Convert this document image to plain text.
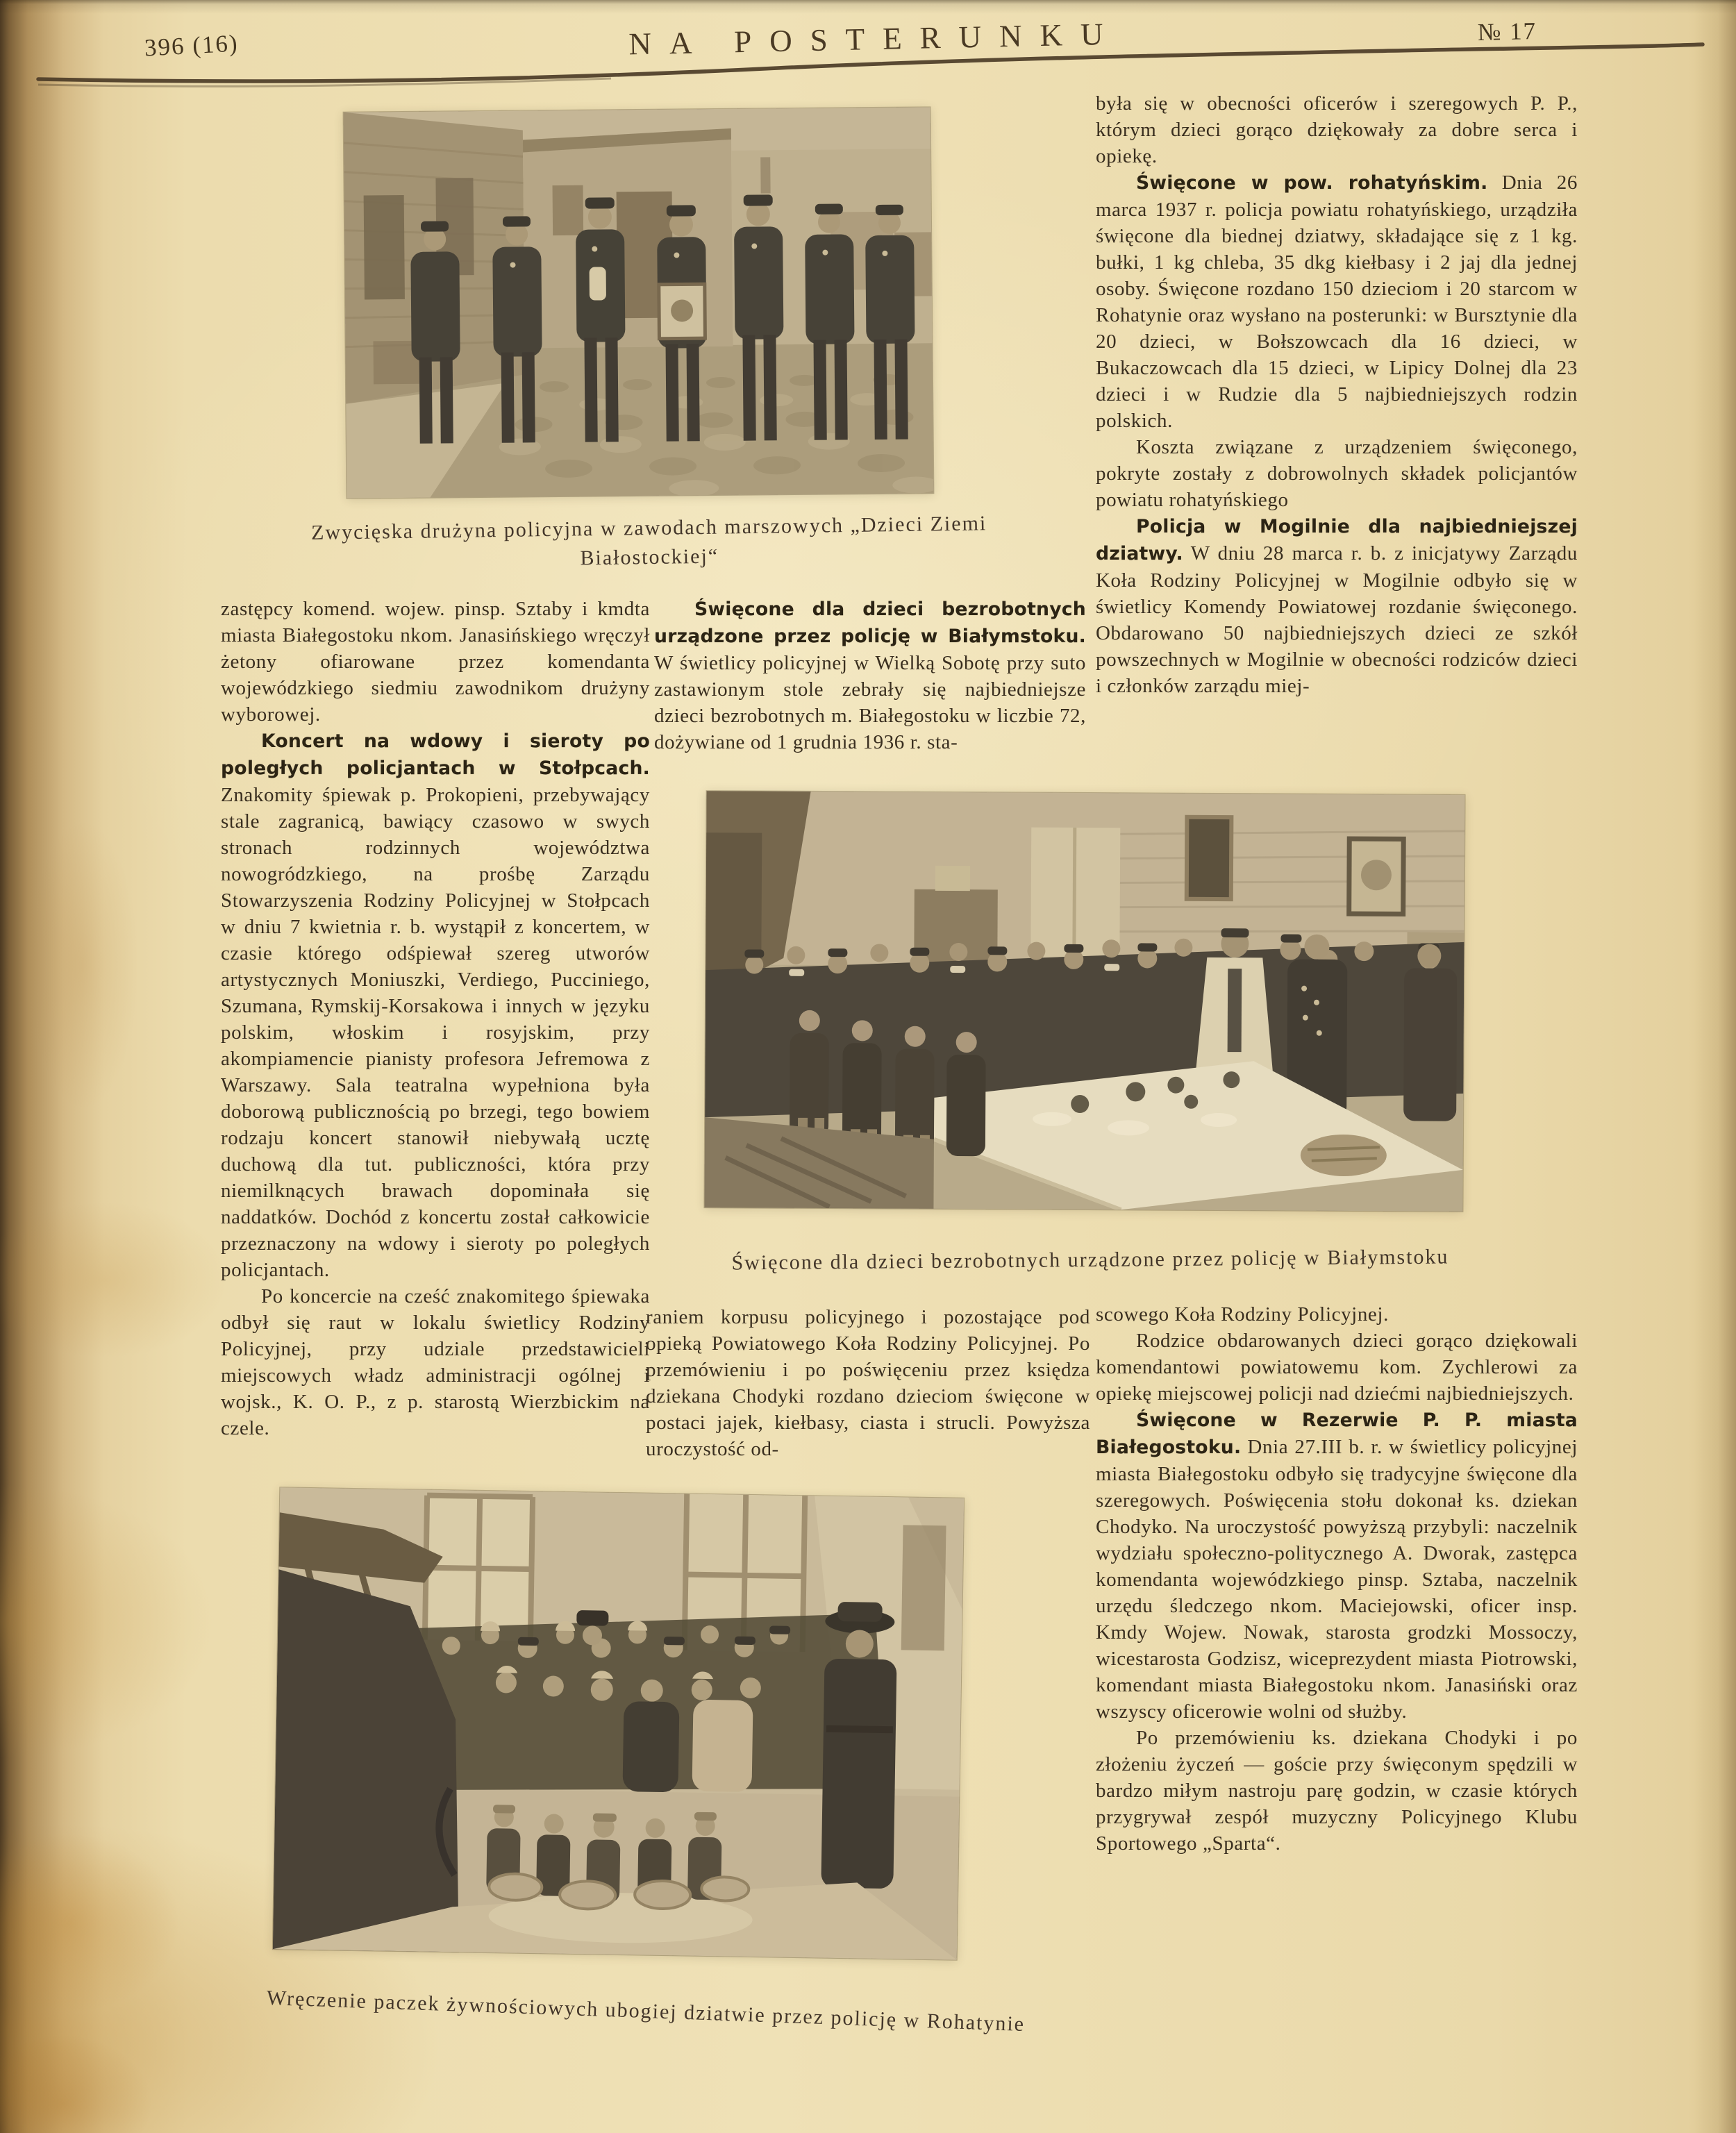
396 (16)	NA POSTERUNKU	№ 17
Zwycięska drużyna policyjna w zawodach marszowych „Dzieci Ziemi
Białostockiej“

była się w obecności oficerów i szeregowych P. P., którym dzieci gorąco dziękowały za dobre serca i opiekę.

Święcone w pow. rohatyńskim. Dnia 26 marca 1937 r. policja powiatu rohatyńskiego, urządziła święcone dla biednej dziatwy, składające się z 1 kg. bułki, 1 kg chleba, 35 dkg kiełbasy i 2 jaj dla jednej osoby. Święcone rozdano 150 dzieciom i 20 starcom w Rohatynie oraz wysłano na posterunki: w Bursztynie dla 20 dzieci, w Bołszowcach dla 16 dzieci, w Bukaczowcach dla 15 dzieci, w Lipicy Dolnej dla 23 dzieci i w Rudzie dla 5 najbiedniejszych rodzin polskich.

Koszta związane z urządzeniem święconego, pokryte zostały z dobrowolnych składek policjantów powiatu rohatyńskiego

Policja w Mogilnie dla najbiedniejszej dziatwy. W dniu 28 marca r. b. z inicjatywy Zarządu Koła Rodziny Policyjnej w Mogilnie odbyło się w świetlicy Komendy Powiatowej rozdanie święconego. Obdarowano 50 najbiedniejszych dzieci ze szkół powszechnych w Mogilnie w obecności rodziców dzieci i członków zarządu miej-

zastępcy komend. wojew. pinsp. Sztaby i kmdta miasta Białegostoku nkom. Janasińskiego wręczył żetony ofiarowane przez komendanta wojewódzkiego siedmiu zawodnikom drużyny wyborowej.

Koncert na wdowy i sieroty po poległych policjantach w Stołpcach. Znakomity śpiewak p. Prokopieni, przebywający stale zagranicą, bawiący czasowo w swych stronach rodzinnych województwa nowogródzkiego, na prośbę Zarządu Stowarzyszenia Rodziny Policyjnej w Stołpcach w dniu 7 kwietnia r. b. wystąpił z koncertem, w czasie którego odśpiewał szereg utworów artystycznych Moniuszki, Verdiego, Pucciniego, Szumana, Rymskij-Korsakowa i innych w języku polskim, włoskim i rosyjskim, przy akompiamencie pianisty profesora Jefremowa z Warszawy. Sala teatralna wypełniona była doborową publicznością po brzegi, tego bowiem rodzaju koncert stanowił niebywałą ucztę duchową dla tut. publiczności, która przy niemilknących brawach dopominała się naddatków. Dochód z koncertu został całkowicie przeznaczony na wdowy i sieroty po poległych policjantach.

Po koncercie na cześć znakomitego śpiewaka odbył się raut w lokalu świetlicy Rodziny Policyjnej, przy udziale przedstawicieli miejscowych władz administracji ogólnej i wojsk., K. O. P., z p. starostą Wierzbickim na czele.

Święcone dla dzieci bezrobotnych urządzone przez policję w Białymstoku. W świetlicy policyjnej w Wielką Sobotę przy suto zastawionym stole zebrały się najbiedniejsze dzieci bezrobotnych m. Białegostoku w liczbie 72, dożywiane od 1 grudnia 1936 r. sta-

Święcone dla dzieci bezrobotnych urządzone przez policję w Białymstoku

raniem korpusu policyjnego i pozostające pod opieką Powiatowego Koła Rodziny Policyjnej. Po przemówieniu i po poświęceniu przez księdza dziekana Chodyki rozdano dzieciom święcone w postaci jajek, kiełbasy, ciasta i strucli. Powyższa uroczystość od-

scowego Koła Rodziny Policyjnej.

Rodzice obdarowanych dzieci gorąco dziękowali komendantowi powiatowemu kom. Zychlerowi za opiekę miejscowej policji nad dziećmi najbiedniejszych.

Święcone w Rezerwie P. P. miasta Białegostoku. Dnia 27.III b. r. w świetlicy policyjnej miasta Białegostoku odbyło się tradycyjne święcone dla szeregowych. Poświęcenia stołu dokonał ks. dziekan Chodyko. Na uroczystość powyższą przybyli: naczelnik wydziału społeczno-politycznego A. Dworak, zastępca komendanta wojewódzkiego pinsp. Sztaba, naczelnik urzędu śledczego nkom. Maciejowski, oficer insp. Kmdy Wojew. Nowak, starosta grodzki Mossoczy, wicestarosta Godzisz, wiceprezydent miasta Piotrowski, komendant miasta Białegostoku nkom. Janasiński oraz wszyscy oficerowie wolni od służby.

Po przemówieniu ks. dziekana Chodyki i po złożeniu życzeń — goście przy święconym spędzili w bardzo miłym nastroju parę godzin, w czasie których przygrywał zespół muzyczny Policyjnego Klubu Sportowego „Sparta“.

Wręczenie paczek żywnościowych ubogiej dziatwie przez policję w Rohatynie
